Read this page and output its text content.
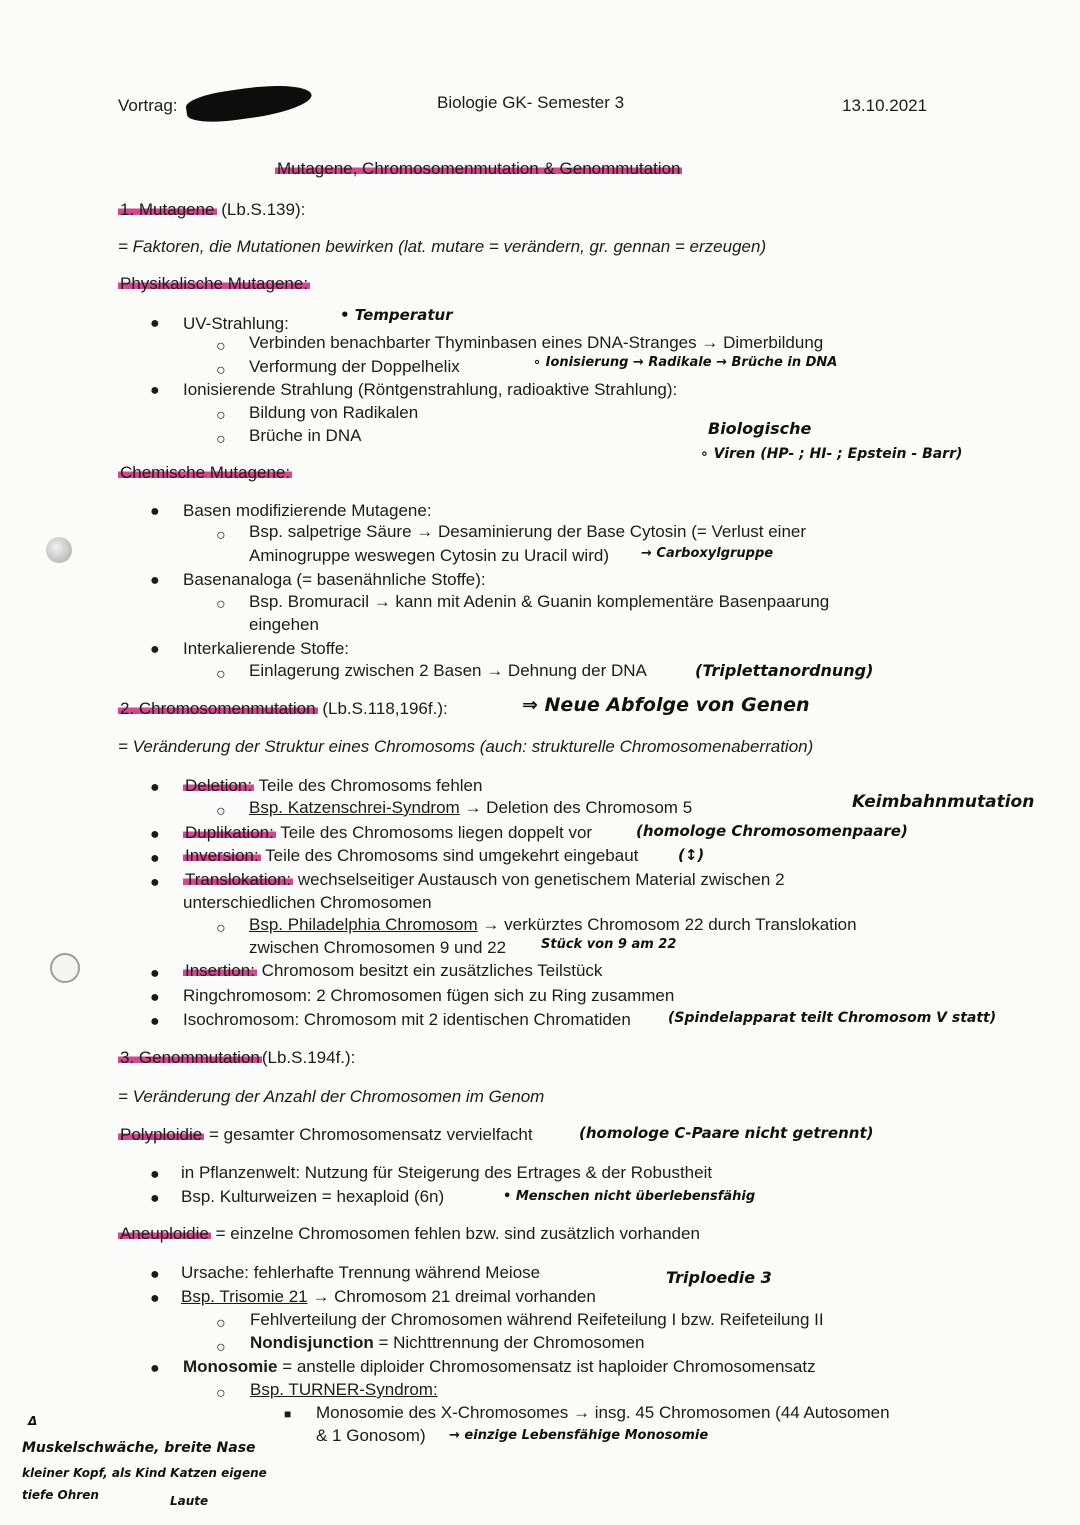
Vortrag:	Biologie GK- Semester 3	13.10.2021
Mutagene, Chromosomenmutation & Genommutation
1. Mutagene (Lb.S.139):
= Faktoren, die Mutationen bewirken (lat. mutare = verändern, gr. gennan = erzeugen)
Physikalische Mutagene:
● UV-Strahlung:	• Temperatur
○ Verbinden benachbarter Thyminbasen eines DNA-Stranges → Dimerbildung
○ Verformung der Doppelhelix	∘ Ionisierung → Radikale → Brüche in DNA
● Ionisierende Strahlung (Röntgenstrahlung, radioaktive Strahlung):
○ Bildung von Radikalen
○ Brüche in DNA	Biologische
∘ Viren (HP- ; HI- ; Epstein - Barr)
Chemische Mutagene:
● Basen modifizierende Mutagene:
○ Bsp. salpetrige Säure → Desaminierung der Base Cytosin (= Verlust einer
Aminogruppe weswegen Cytosin zu Uracil wird) → Carboxylgruppe
● Basenanaloga (= basenähnliche Stoffe):
○ Bsp. Bromuracil → kann mit Adenin & Guanin komplementäre Basenpaarung
eingehen
● Interkalierende Stoffe:
○ Einlagerung zwischen 2 Basen → Dehnung der DNA	(Triplettanordnung)
2. Chromosomenmutation (Lb.S.118,196f.):	⇒ Neue Abfolge von Genen
= Veränderung der Struktur eines Chromosoms (auch: strukturelle Chromosomenaberration)
● Deletion: Teile des Chromosoms fehlen
○ Bsp. Katzenschrei-Syndrom → Deletion des Chromosom 5	Keimbahnmutation
● Duplikation: Teile des Chromosoms liegen doppelt vor	(homologe Chromosomenpaare)
● Inversion: Teile des Chromosoms sind umgekehrt eingebaut	(↕)
● Translokation: wechselseitiger Austausch von genetischem Material zwischen 2
unterschiedlichen Chromosomen
○ Bsp. Philadelphia Chromosom → verkürztes Chromosom 22 durch Translokation
zwischen Chromosomen 9 und 22	Stück von 9 am 22
● Insertion: Chromosom besitzt ein zusätzliches Teilstück
● Ringchromosom: 2 Chromosomen fügen sich zu Ring zusammen
● Isochromosom: Chromosom mit 2 identischen Chromatiden	(Spindelapparat teilt Chromosom V statt)
3. Genommutation (Lb.S.194f.):
= Veränderung der Anzahl der Chromosomen im Genom
Polyploidie = gesamter Chromosomensatz vervielfacht	(homologe C-Paare nicht getrennt)
● in Pflanzenwelt: Nutzung für Steigerung des Ertrages & der Robustheit
● Bsp. Kulturweizen = hexaploid (6n)	• Menschen nicht überlebensfähig
Aneuploidie = einzelne Chromosomen fehlen bzw. sind zusätzlich vorhanden
● Ursache: fehlerhafte Trennung während Meiose	Triploedie 3
● Bsp. Trisomie 21 → Chromosom 21 dreimal vorhanden
○ Fehlverteilung der Chromosomen während Reifeteilung I bzw. Reifeteilung II
○ Nondisjunction = Nichttrennung der Chromosomen
● Monosomie = anstelle diploider Chromosomensatz ist haploider Chromosomensatz
○ Bsp. TURNER-Syndrom:
■ Monosomie des X-Chromosomes → insg. 45 Chromosomen (44 Autosomen
& 1 Gonosom) → einzige Lebensfähige Monosomie
Δ
Muskelschwäche, breite Nase
kleiner Kopf, als Kind Katzen eigene
tiefe Ohren	Laute
